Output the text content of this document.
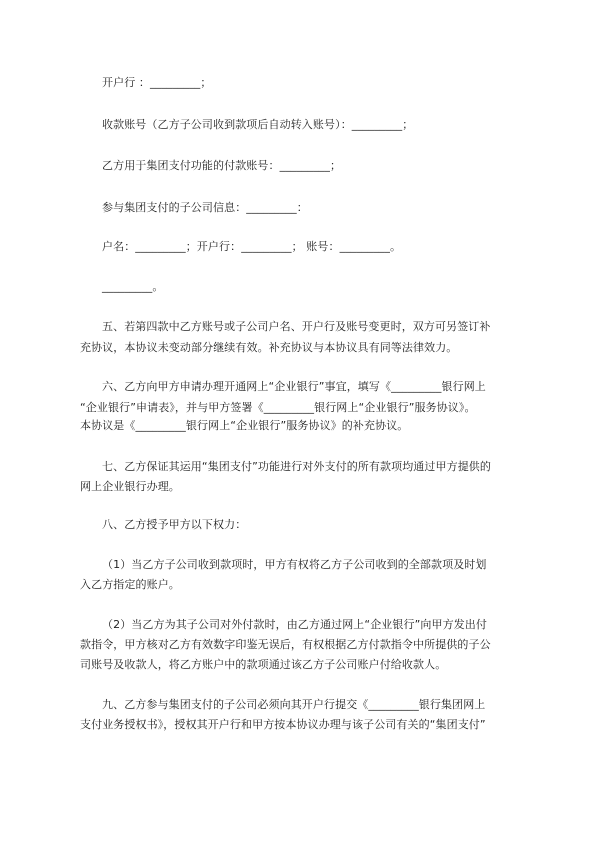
开户行 ：_________；
收款账号（乙方子公司收到款项后自动转入账号）：_________；
乙方用于集团支付功能的付款账号：_________；
参与集团支付的子公司信息：_________：
户名：_________；开户行：_________； 账号：_________。
_________。
五、若第四款中乙方账号或子公司户名、开户行及账号变更时，双方可另签订补
充协议，本协议未变动部分继续有效。补充协议与本协议具有同等法律效力。
六、乙方向甲方申请办理开通网上“企业银行”事宜，填写《_________银行网上
“企业银行”申请表》，并与甲方签署《_________银行网上“企业银行”服务协议》。
本协议是《_________银行网上“企业银行”服务协议》的补充协议。
七、乙方保证其运用“集团支付”功能进行对外支付的所有款项均通过甲方提供的
网上企业银行办理。
八、乙方授予甲方以下权力：
（1）当乙方子公司收到款项时，甲方有权将乙方子公司收到的全部款项及时划
入乙方指定的账户。
（2）当乙方为其子公司对外付款时，由乙方通过网上“企业银行”向甲方发出付
款指令，甲方核对乙方有效数字印鉴无误后，有权根据乙方付款指令中所提供的子公
司账号及收款人，将乙方账户中的款项通过该乙方子公司账户付给收款人。
九、乙方参与集团支付的子公司必须向其开户行提交《_________银行集团网上
支付业务授权书》，授权其开户行和甲方按本协议办理与该子公司有关的“集团支付”
